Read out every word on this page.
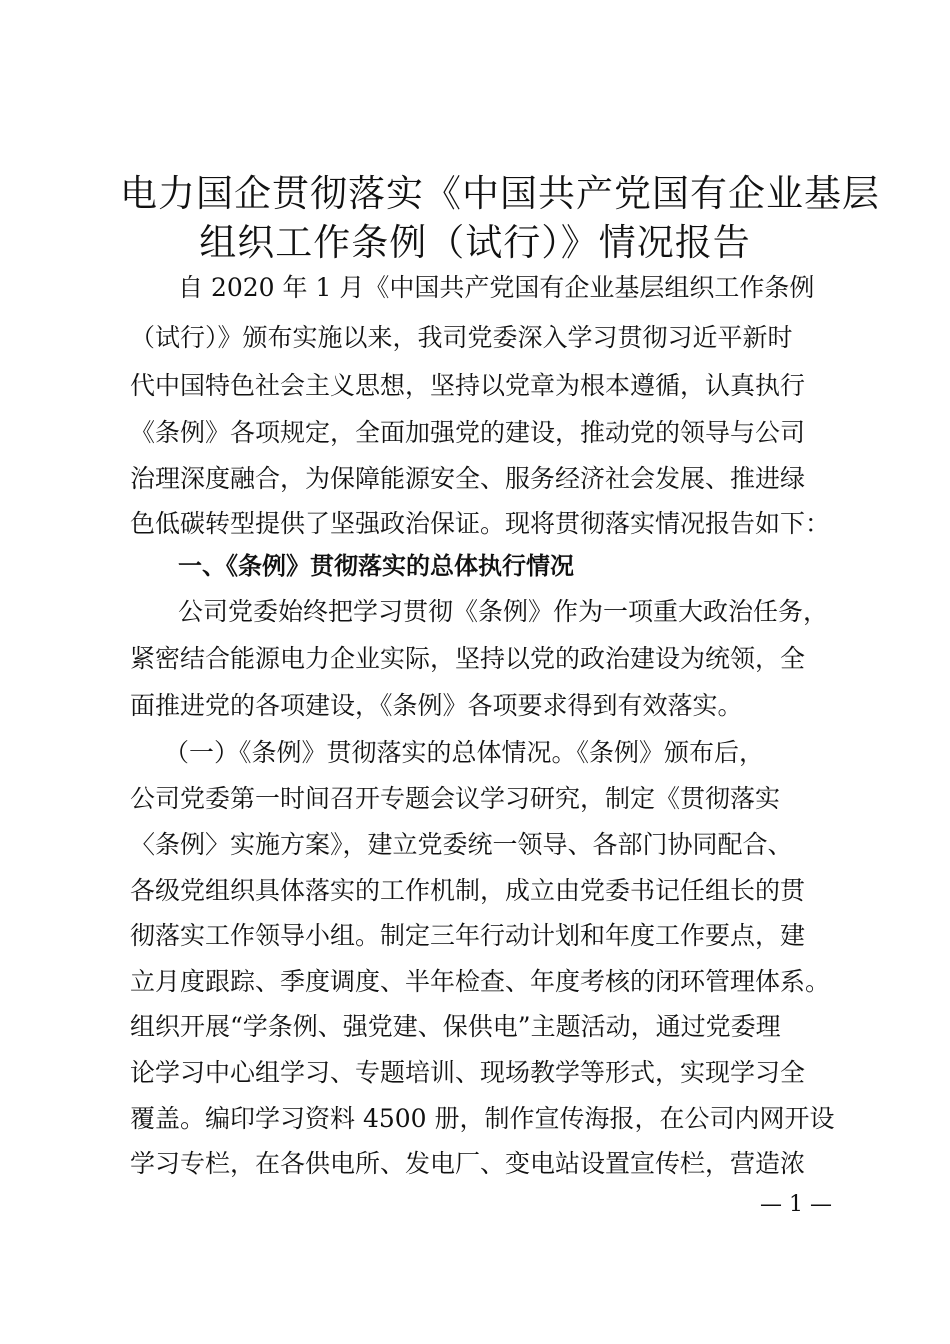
电力国企贯彻落实《中国共产党国有企业基层
组织工作条例（试行）》情况报告
自 2020 年 1 月《中国共产党国有企业基层组织工作条例
（试行）》颁布实施以来，我司党委深入学习贯彻习近平新时
代中国特色社会主义思想，坚持以党章为根本遵循，认真执行
《条例》各项规定，全面加强党的建设，推动党的领导与公司
治理深度融合，为保障能源安全、服务经济社会发展、推进绿
色低碳转型提供了坚强政治保证。现将贯彻落实情况报告如下：
一、《条例》贯彻落实的总体执行情况
公司党委始终把学习贯彻《条例》作为一项重大政治任务，
紧密结合能源电力企业实际，坚持以党的政治建设为统领，全
面推进党的各项建设，《条例》各项要求得到有效落实。
（一）《条例》贯彻落实的总体情况。《条例》颁布后，
公司党委第一时间召开专题会议学习研究，制定《贯彻落实
〈条例〉实施方案》，建立党委统一领导、各部门协同配合、
各级党组织具体落实的工作机制，成立由党委书记任组长的贯
彻落实工作领导小组。制定三年行动计划和年度工作要点，建
立月度跟踪、季度调度、半年检查、年度考核的闭环管理体系。
组织开展“学条例、强党建、保供电”主题活动，通过党委理
论学习中心组学习、专题培训、现场教学等形式，实现学习全
覆盖。编印学习资料 4500 册，制作宣传海报，在公司内网开设
学习专栏，在各供电所、发电厂、变电站设置宣传栏，营造浓
— 1 —
